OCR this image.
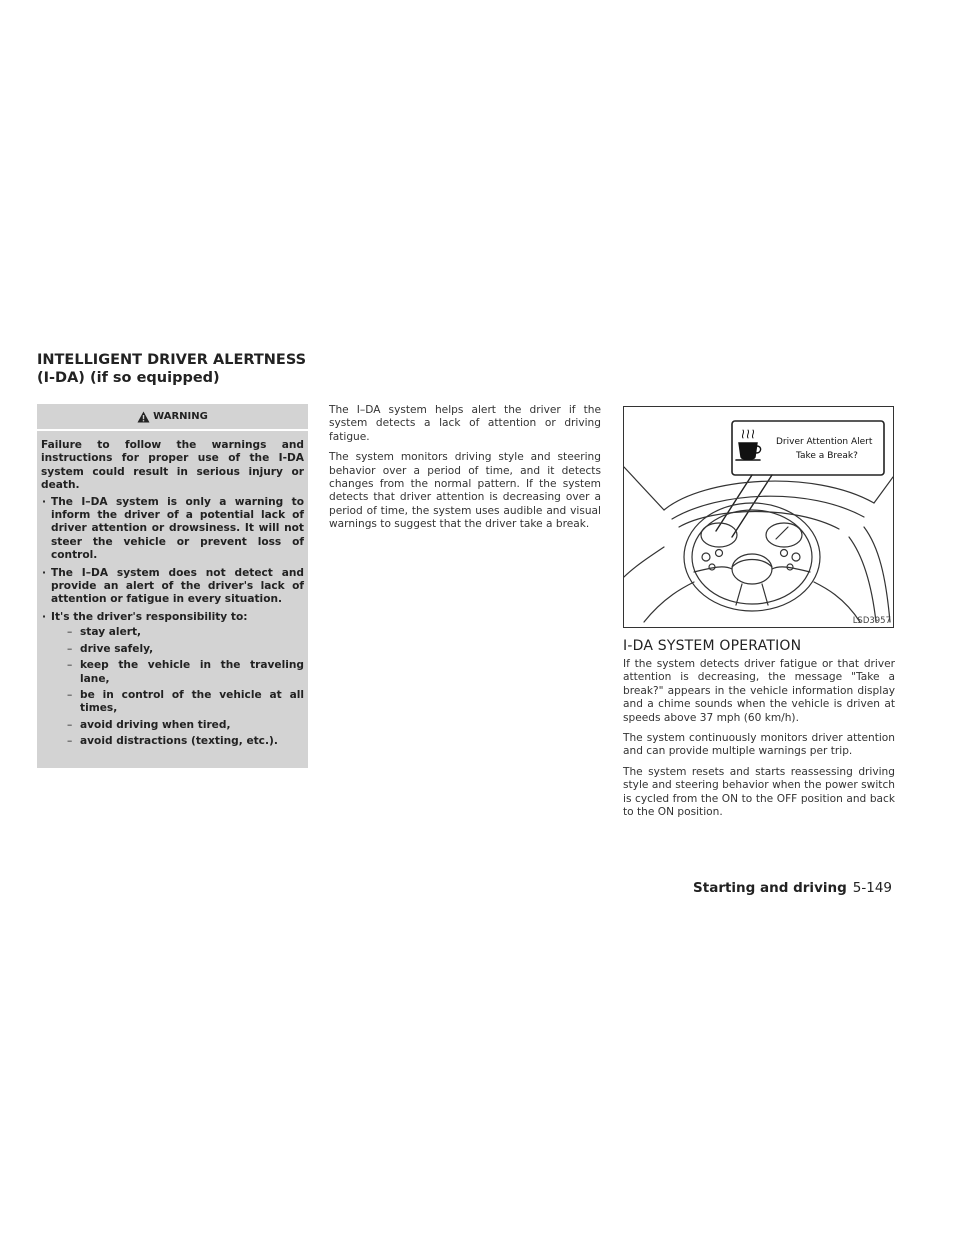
INTELLIGENT DRIVER ALERTNESS
(I-DA) (if so equipped)
WARNING

Failure to follow the warnings and instructions for proper use of the I-DA system could result in serious injury or death.

· The I–DA system is only a warning to inform the driver of a potential lack of driver attention or drowsiness. It will not steer the vehicle or prevent loss of control.
· The I–DA system does not detect and provide an alert of the driver's lack of attention or fatigue in every situation.
· It's the driver's responsibility to:
– stay alert,
– drive safely,
– keep the vehicle in the traveling lane,
– be in control of the vehicle at all times,
– avoid driving when tired,
– avoid distractions (texting, etc.).

The I–DA system helps alert the driver if the system detects a lack of attention or driving fatigue.

The system monitors driving style and steering behavior over a period of time, and it detects changes from the normal pattern. If the system detects that driver attention is decreasing over a period of time, the system uses audible and visual warnings to suggest that the driver take a break.

Driver Attention Alert
Take a Break?
LSD3957
I-DA SYSTEM OPERATION

If the system detects driver fatigue or that driver attention is decreasing, the message "Take a break?" appears in the vehicle information display and a chime sounds when the vehicle is driven at speeds above 37 mph (60 km/h).

The system continuously monitors driver attention and can provide multiple warnings per trip.

The system resets and starts reassessing driving style and steering behavior when the power switch is cycled from the ON to the OFF position and back to the ON position.

Starting and driving 5-149
